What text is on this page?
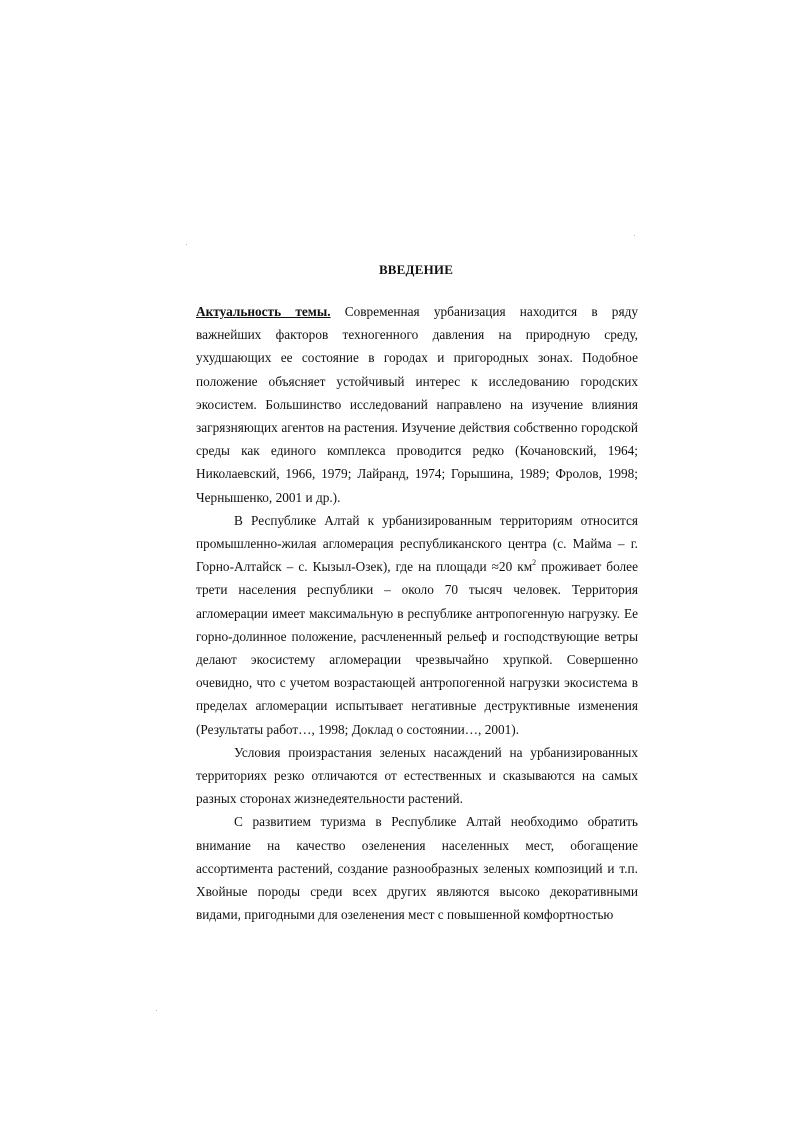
ВВЕДЕНИЕ

Актуальность темы. Современная урбанизация находится в ряду важнейших факторов техногенного давления на природную среду, ухудшающих ее состояние в городах и пригородных зонах. Подобное положение объясняет устойчивый интерес к исследованию городских экосистем. Большинство исследований направлено на изучение влияния загрязняющих агентов на растения. Изучение действия собственно городской среды как единого комплекса проводится редко (Кочановский, 1964; Николаевский, 1966, 1979; Лайранд, 1974; Горышина, 1989; Фролов, 1998; Чернышенко, 2001 и др.).

В Республике Алтай к урбанизированным территориям относится промышленно-жилая агломерация республиканского центра (с. Майма – г. Горно-Алтайск – с. Кызыл-Озек), где на площади ≈20 $км^2$ проживает более трети населения республики – около 70 тысяч человек. Территория агломерации имеет максимальную в республике антропогенную нагрузку. Ее горно-долинное положение, расчлененный рельеф и господствующие ветры делают экосистему агломерации чрезвычайно хрупкой. Совершенно очевидно, что с учетом возрастающей антропогенной нагрузки экосистема в пределах агломерации испытывает негативные деструктивные изменения (Результаты работ…, 1998; Доклад о состоянии…, 2001).

Условия произрастания зеленых насаждений на урбанизированных территориях резко отличаются от естественных и сказываются на самых разных сторонах жизнедеятельности растений.

С развитием туризма в Республике Алтай необходимо обратить внимание на качество озеленения населенных мест, обогащение ассортимента растений, создание разнообразных зеленых композиций и т.п. Хвойные породы среди всех других являются высоко декоративными видами, пригодными для озеленения мест с повышенной комфортностью
